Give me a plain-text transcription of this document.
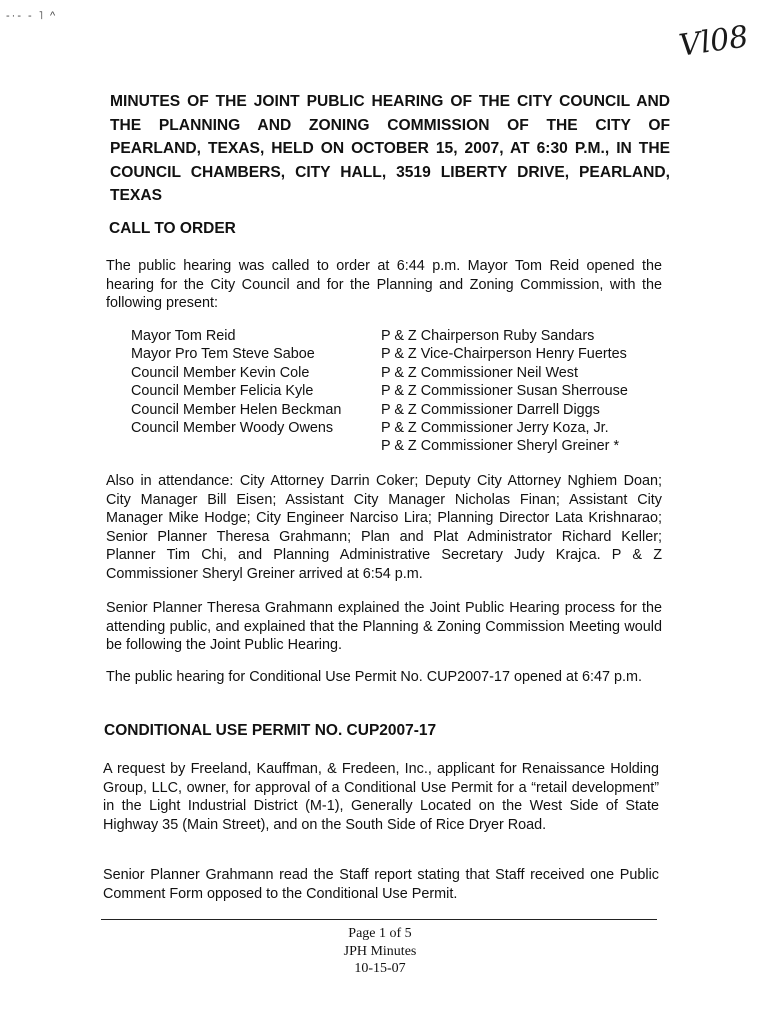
-·‐ ‑ ˥ ^
Vl08
MINUTES OF THE JOINT PUBLIC HEARING OF THE CITY COUNCIL AND THE PLANNING AND ZONING COMMISSION OF THE CITY OF PEARLAND, TEXAS, HELD ON OCTOBER 15, 2007, AT 6:30 P.M., IN THE COUNCIL CHAMBERS, CITY HALL, 3519 LIBERTY DRIVE, PEARLAND, TEXAS
CALL TO ORDER
The public hearing was called to order at 6:44 p.m. Mayor Tom Reid opened the hearing for the City Council and for the Planning and Zoning Commission, with the following present:
Mayor Tom Reid
Mayor Pro Tem Steve Saboe
Council Member Kevin Cole
Council Member Felicia Kyle
Council Member Helen Beckman
Council Member Woody Owens
P & Z Chairperson Ruby Sandars
P & Z Vice-Chairperson Henry Fuertes
P & Z Commissioner Neil West
P & Z Commissioner Susan Sherrouse
P & Z Commissioner Darrell Diggs
P & Z Commissioner Jerry Koza, Jr.
P & Z Commissioner Sheryl Greiner *
Also in attendance: City Attorney Darrin Coker; Deputy City Attorney Nghiem Doan; City Manager Bill Eisen; Assistant City Manager Nicholas Finan; Assistant City Manager Mike Hodge; City Engineer Narciso Lira; Planning Director Lata Krishnarao; Senior Planner Theresa Grahmann; Plan and Plat Administrator Richard Keller; Planner Tim Chi, and Planning Administrative Secretary Judy Krajca. P & Z Commissioner Sheryl Greiner arrived at 6:54 p.m.
Senior Planner Theresa Grahmann explained the Joint Public Hearing process for the attending public, and explained that the Planning & Zoning Commission Meeting would be following the Joint Public Hearing.
The public hearing for Conditional Use Permit No. CUP2007-17 opened at 6:47 p.m.
CONDITIONAL USE PERMIT NO. CUP2007-17
A request by Freeland, Kauffman, & Fredeen, Inc., applicant for Renaissance Holding Group, LLC, owner, for approval of a Conditional Use Permit for a “retail development” in the Light Industrial District (M-1), Generally Located on the West Side of State Highway 35 (Main Street), and on the South Side of Rice Dryer Road.
Senior Planner Grahmann read the Staff report stating that Staff received one Public Comment Form opposed to the Conditional Use Permit.
Page 1 of 5
JPH Minutes
10-15-07
